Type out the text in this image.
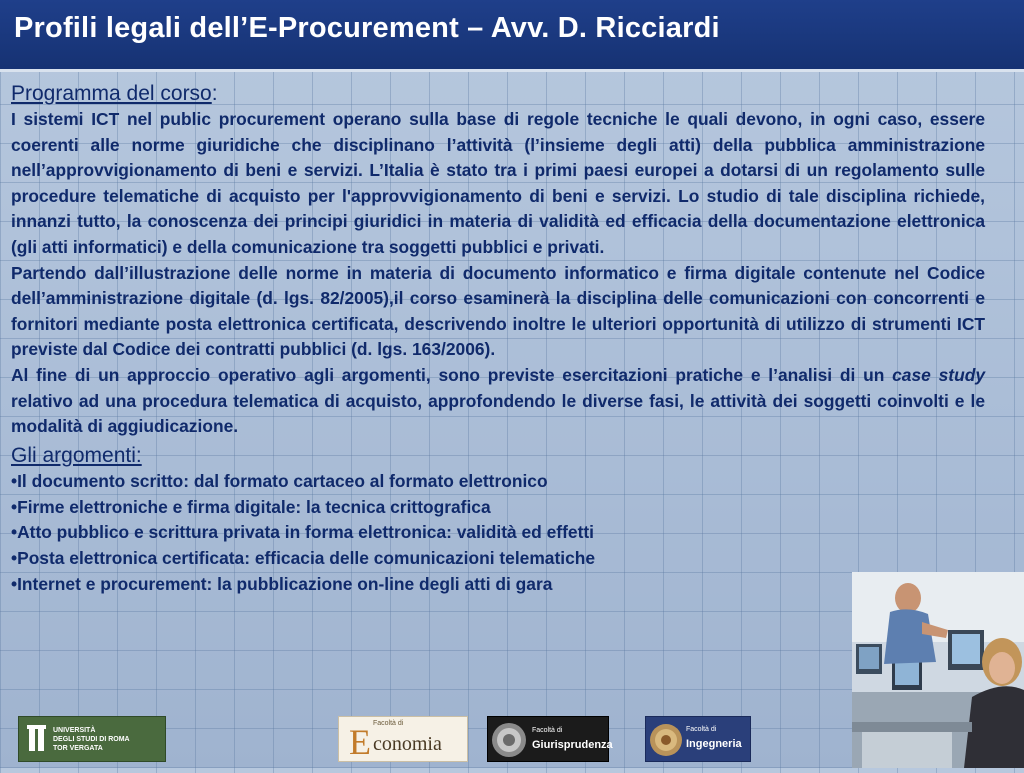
Profili legali dell’E-Procurement – Avv. D. Ricciardi
Programma del corso:

I sistemi ICT nel public procurement operano sulla base di regole tecniche le quali devono, in ogni caso, essere coerenti alle norme giuridiche che disciplinano l’attività (l’insieme degli atti) della pubblica amministrazione nell’approvvigionamento di beni e servizi. L’Italia è stato tra i primi paesi europei a dotarsi di un regolamento sulle procedure telematiche di acquisto per l'approvvigionamento di beni e servizi. Lo studio di tale disciplina richiede, innanzi tutto, la conoscenza dei principi giuridici in materia di validità ed efficacia della documentazione elettronica (gli atti informatici) e della comunicazione tra soggetti pubblici e privati.

Partendo dall’illustrazione delle norme in materia di documento informatico e firma digitale contenute nel Codice dell’amministrazione digitale (d. lgs. 82/2005),il corso esaminerà la disciplina delle comunicazioni con concorrenti e fornitori mediante posta elettronica certificata, descrivendo inoltre le ulteriori opportunità di utilizzo di strumenti ICT previste dal Codice dei contratti pubblici (d. lgs. 163/2006).

Al fine di un approccio operativo agli argomenti, sono previste esercitazioni pratiche e l’analisi di un case study relativo ad una procedura telematica di acquisto, approfondendo le diverse fasi, le attività dei soggetti coinvolti e le modalità di aggiudicazione.

Gli argomenti:
•Il documento scritto: dal formato cartaceo al formato elettronico
•Firme elettroniche e firma digitale: la tecnica crittografica
•Atto pubblico e scrittura privata in forma elettronica: validità ed effetti
•Posta elettronica certificata: efficacia delle comunicazioni telematiche
•Internet e procurement: la pubblicazione on-line degli atti di gara
UNIVERSITÀ
DEGLI STUDI DI ROMA
TOR VERGATA
Facoltà di
E conomia
Facoltà di
Giurisprudenza
Facoltà di
Ingegneria
